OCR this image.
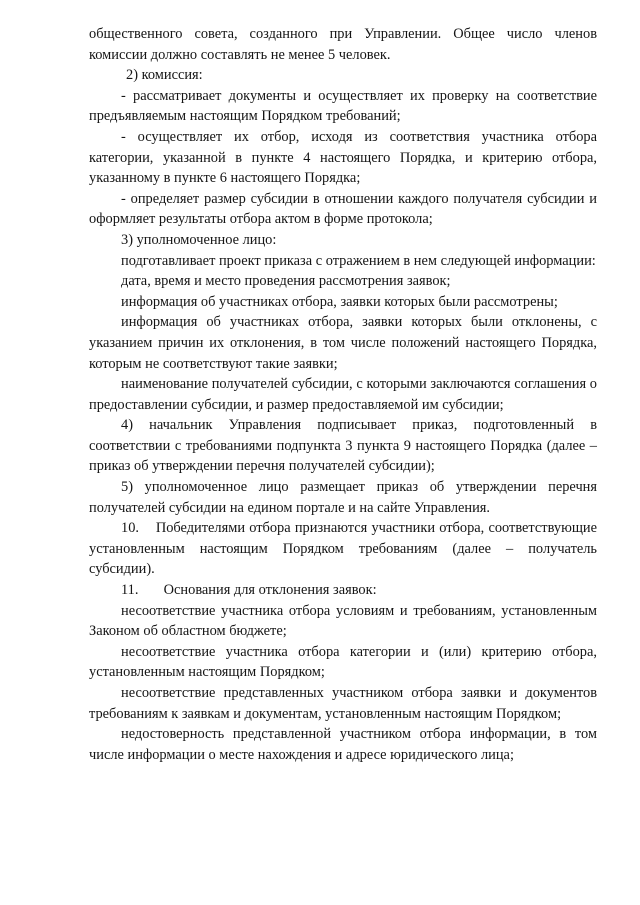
общественного совета, созданного при Управлении. Общее число членов комиссии должно составлять не менее 5 человек.

2) комиссия:

- рассматривает документы и осуществляет их проверку на соответствие предъявляемым настоящим Порядком требований;

- осуществляет их отбор, исходя из соответствия участника отбора категории, указанной в пункте 4 настоящего Порядка, и критерию отбора, указанному в пункте 6 настоящего Порядка;

- определяет размер субсидии в отношении каждого получателя субсидии и оформляет результаты отбора актом в форме протокола;

3) уполномоченное лицо:

подготавливает проект приказа с отражением в нем следующей информации:

дата, время и место проведения рассмотрения заявок;

информация об участниках отбора, заявки которых были рассмотрены;

информация об участниках отбора, заявки которых были отклонены, с указанием причин их отклонения, в том числе положений настоящего Порядка, которым не соответствуют такие заявки;

наименование получателей субсидии, с которыми заключаются соглашения о предоставлении субсидии, и размер предоставляемой им субсидии;

4) начальник Управления подписывает приказ, подготовленный в соответствии с требованиями подпункта 3 пункта 9 настоящего Порядка (далее – приказ об утверждении перечня получателей субсидии);

5) уполномоченное лицо размещает приказ об утверждении перечня получателей субсидии на едином портале и на сайте Управления.

10.    Победителями отбора признаются участники отбора, соответствующие установленным настоящим Порядком требованиям (далее – получатель субсидии).

11.       Основания для отклонения заявок:

несоответствие участника отбора условиям и требованиям, установленным Законом об областном бюджете;

несоответствие участника отбора категории и (или) критерию отбора, установленным настоящим Порядком;

несоответствие представленных участником отбора заявки и документов требованиям к заявкам и документам, установленным настоящим Порядком;

недостоверность представленной участником отбора информации, в том числе информации о месте нахождения и адресе юридического лица;
